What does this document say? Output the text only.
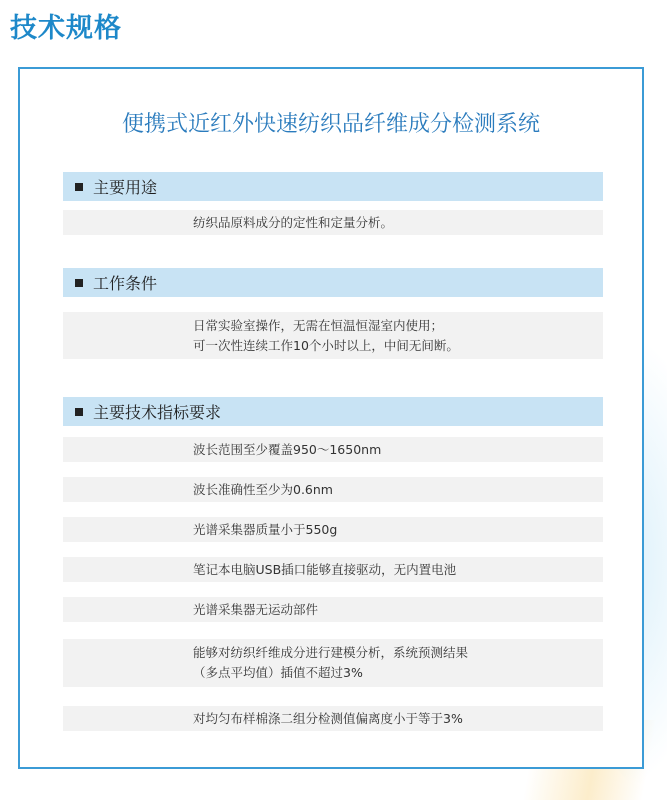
技术规格
便携式近红外快速纺织品纤维成分检测系统
主要用途
纺织品原料成分的定性和定量分析。
工作条件
日常实验室操作，无需在恒温恒湿室内使用；
可一次性连续工作10个小时以上，中间无间断。
主要技术指标要求
波长范围至少覆盖950～1650nm
波长准确性至少为0.6nm
光谱采集器质量小于550g
笔记本电脑USB插口能够直接驱动，无内置电池
光谱采集器无运动部件
能够对纺织纤维成分进行建模分析，系统预测结果
（多点平均值）插值不超过3%
对均匀布样棉涤二组分检测值偏离度小于等于3%
